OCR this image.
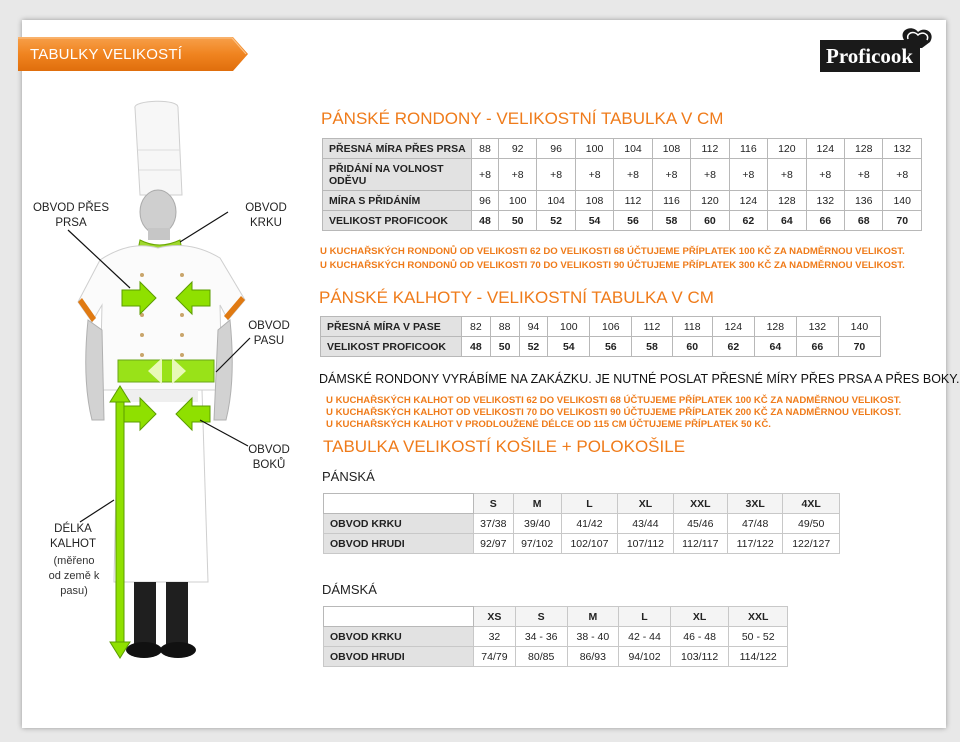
TABULKY VELIKOSTÍ	Proficook
OBVOD PŘES PRSA
OBVOD KRKU
OBVOD PASU
OBVOD BOKŮ
DÉLKA KALHOT
(měřeno od země k pasu)
PÁNSKÉ RONDONY - VELIKOSTNÍ TABULKA V CM
PŘESNÁ MÍRA PŘES PRSA	88	92	96	100	104	108	112	116	120	124	128	132
PŘIDÁNÍ NA VOLNOST ODĚVU	+8	+8	+8	+8	+8	+8	+8	+8	+8	+8	+8	+8
MÍRA S PŘIDÁNÍM	96	100	104	108	112	116	120	124	128	132	136	140
VELIKOST PROFICOOK	48	50	52	54	56	58	60	62	64	66	68	70
U KUCHAŘSKÝCH RONDONŮ OD VELIKOSTI 62 DO VELIKOSTI 68 ÚČTUJEME PŘÍPLATEK 100 KČ ZA NADMĚRNOU VELIKOST.
U KUCHAŘSKÝCH RONDONŮ OD VELIKOSTI 70 DO VELIKOSTI 90 ÚČTUJEME PŘÍPLATEK 300 KČ ZA NADMĚRNOU VELIKOST.
PÁNSKÉ KALHOTY - VELIKOSTNÍ TABULKA V CM
PŘESNÁ MÍRA V PASE	82	88	94	100	106	112	118	124	128	132	140
VELIKOST PROFICOOK	48	50	52	54	56	58	60	62	64	66	70
DÁMSKÉ RONDONY VYRÁBÍME NA ZAKÁZKU. JE NUTNÉ POSLAT PŘESNÉ MÍRY PŘES PRSA A PŘES BOKY.
U KUCHAŘSKÝCH KALHOT OD VELIKOSTI 62 DO VELIKOSTI 68 ÚČTUJEME PŘÍPLATEK 100 KČ ZA NADMĚRNOU VELIKOST.
U KUCHAŘSKÝCH KALHOT OD VELIKOSTI 70 DO VELIKOSTI 90 ÚČTUJEME PŘÍPLATEK 200 KČ ZA NADMĚRNOU VELIKOST.
U KUCHAŘSKÝCH KALHOT V PRODLOUŽENÉ DÉLCE OD 115 CM ÚČTUJEME PŘÍPLATEK 50 KČ.
TABULKA VELIKOSTÍ KOŠILE + POLOKOŠILE
PÁNSKÁ
	S	M	L	XL	XXL	3XL	4XL
OBVOD KRKU	37/38	39/40	41/42	43/44	45/46	47/48	49/50
OBVOD HRUDI	92/97	97/102	102/107	107/112	112/117	117/122	122/127
DÁMSKÁ
	XS	S	M	L	XL	XXL
OBVOD KRKU	32	34 - 36	38 - 40	42 - 44	46 - 48	50 - 52
OBVOD HRUDI	74/79	80/85	86/93	94/102	103/112	114/122
